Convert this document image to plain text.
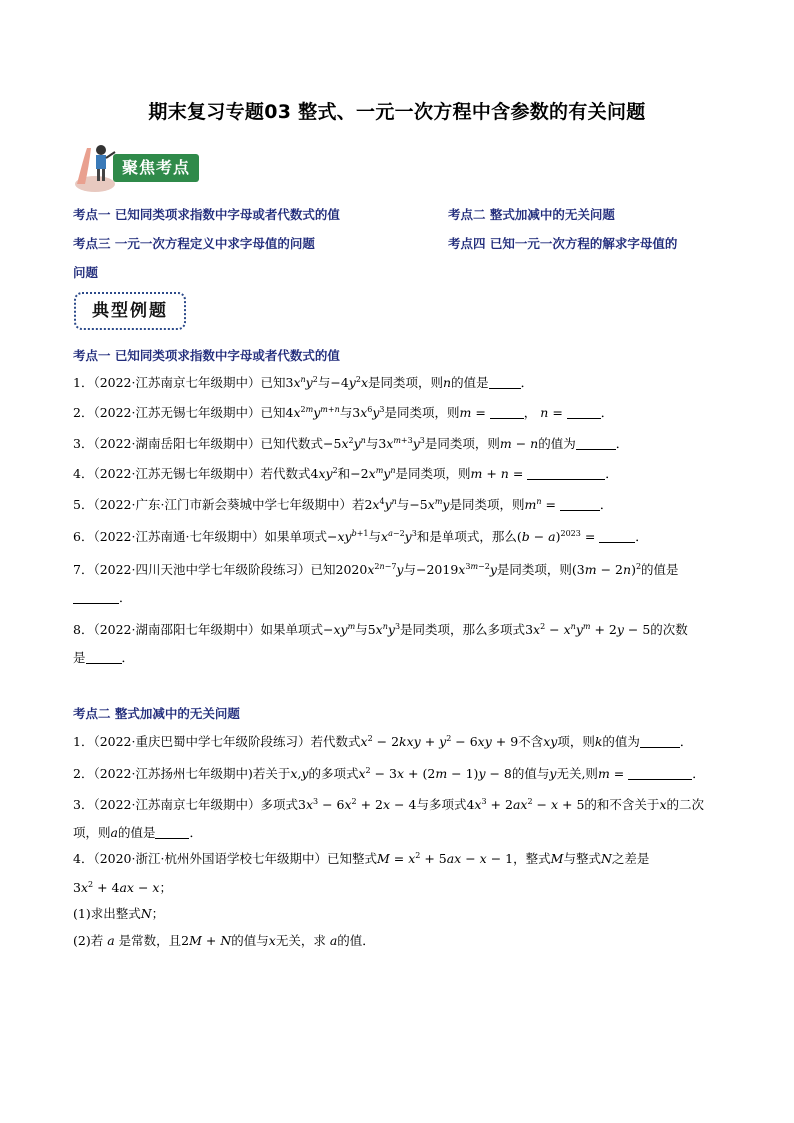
期末复习专题03 整式、一元一次方程中含参数的有关问题
聚焦考点
考点一 已知同类项求指数中字母或者代数式的值	考点二 整式加减中的无关问题
考点三 一元一次方程定义中求字母值的问题	考点四 已知一元一次方程的解求字母值的
问题
典型例题
考点一 已知同类项求指数中字母或者代数式的值
1．（2022·江苏南京七年级期中）已知$3x^ny^2$与$-4y^2x$是同类项，则n的值是	．
2．（2022·江苏无锡七年级期中）已知$4x^{2m}y^{m+n}$与$3x^6y^3$是同类项，则m =	， n =	．
3．（2022·湖南岳阳七年级期中）已知代数式$-5x^2y^n$与$3x^{m+3}y^3$是同类项，则m − n的值为	．
4．（2022·江苏无锡七年级期中）若代数式$4xy^2$和$-2x^my^n$是同类项，则m + n =	．
5．（2022·广东·江门市新会葵城中学七年级期中）若$2x^4y^n$与$-5x^my$是同类项，则$m^n$ =	．
6．（2022·江苏南通·七年级期中）如果单项式$-xy^{b+1}$与$x^{a-2}y^3$和是单项式，那么$(b - a)^{2023}$ =	．
7．（2022·四川天池中学七年级阶段练习）已知$2020x^{2n-7}y$与$-2019x^{3m-2}y$是同类项，则$(3m - 2n)^2$的值是
．
8．（2022·湖南邵阳七年级期中）如果单项式$-xy^m$与$5x^ny^3$是同类项，那么多项式$3x^2 - x^ny^m + 2y - 5$的次数
是	．
考点二 整式加减中的无关问题
1．（2022·重庆巴蜀中学七年级阶段练习）若代数式$x^2 - 2kxy + y^2 - 6xy + 9$不含xy项，则k的值为	．
2．（2022·江苏扬州七年级期中)若关于x,y的多项式$x^2 - 3x + (2m - 1)y - 8$的值与y无关,则m =	．
3．（2022·江苏南京七年级期中）多项式$3x^3 - 6x^2 + 2x - 4$与多项式$4x^3 + 2ax^2 - x + 5$的和不含关于x的二次
项，则a的值是	．
4．（2020·浙江·杭州外国语学校七年级期中）已知整式$M = x^2 + 5ax - x - 1$，整式M与整式N之差是
$3x^2 + 4ax - x$；
(1)求出整式N；
(2)若 a 是常数，且2M + N的值与x无关，求 a的值．
